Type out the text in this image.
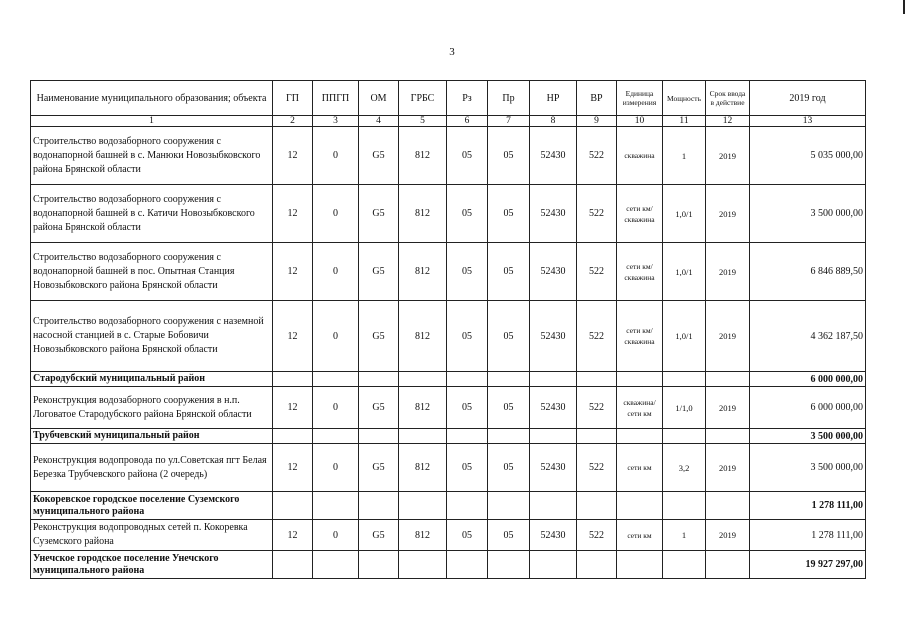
3
Наименование муниципального образования; объекта	ГП	ППГП	ОМ	ГРБС	Рз	Пр	НР	ВР	Единица измерения	Мощность	Срок ввода в действие	2019 год
1	2	3	4	5	6	7	8	9	10	11	12	13
Строительство водозаборного сооружения с водонапорной башней в с. Манюки Новозыбковского района Брянской области	12	0	G5	812	05	05	52430	522	скважина	1	2019	5 035 000,00
Строительство водозаборного сооружения с водонапорной башней в с. Катичи Новозыбковского района Брянской области	12	0	G5	812	05	05	52430	522	сети км/скважина	1,0/1	2019	3 500 000,00
Строительство водозаборного сооружения с водонапорной башней в пос. Опытная Станция Новозыбковского района Брянской области	12	0	G5	812	05	05	52430	522	сети км/скважина	1,0/1	2019	6 846 889,50
Строительство водозаборного сооружения с наземной насосной станцией в с. Старые Бобовичи Новозыбковского района Брянской области	12	0	G5	812	05	05	52430	522	сети км/скважина	1,0/1	2019	4 362 187,50
Стародубский муниципальный район												6 000 000,00
Реконструкция водозаборного сооружения в н.п. Логоватое Стародубского района Брянской области	12	0	G5	812	05	05	52430	522	скважина/сети км	1/1,0	2019	6 000 000,00
Трубчевский муниципальный район												3 500 000,00
Реконструкция водопровода по ул.Советская пгт Белая Березка Трубчевского района (2 очередь)	12	0	G5	812	05	05	52430	522	сети км	3,2	2019	3 500 000,00
Кокоревское городское поселение Суземского муниципального района												1 278 111,00
Реконструкция водопроводных сетей п. Кокоревка Суземского района	12	0	G5	812	05	05	52430	522	сети км	1	2019	1 278 111,00
Унечское городское поселение Унечского муниципального района												19 927 297,00
